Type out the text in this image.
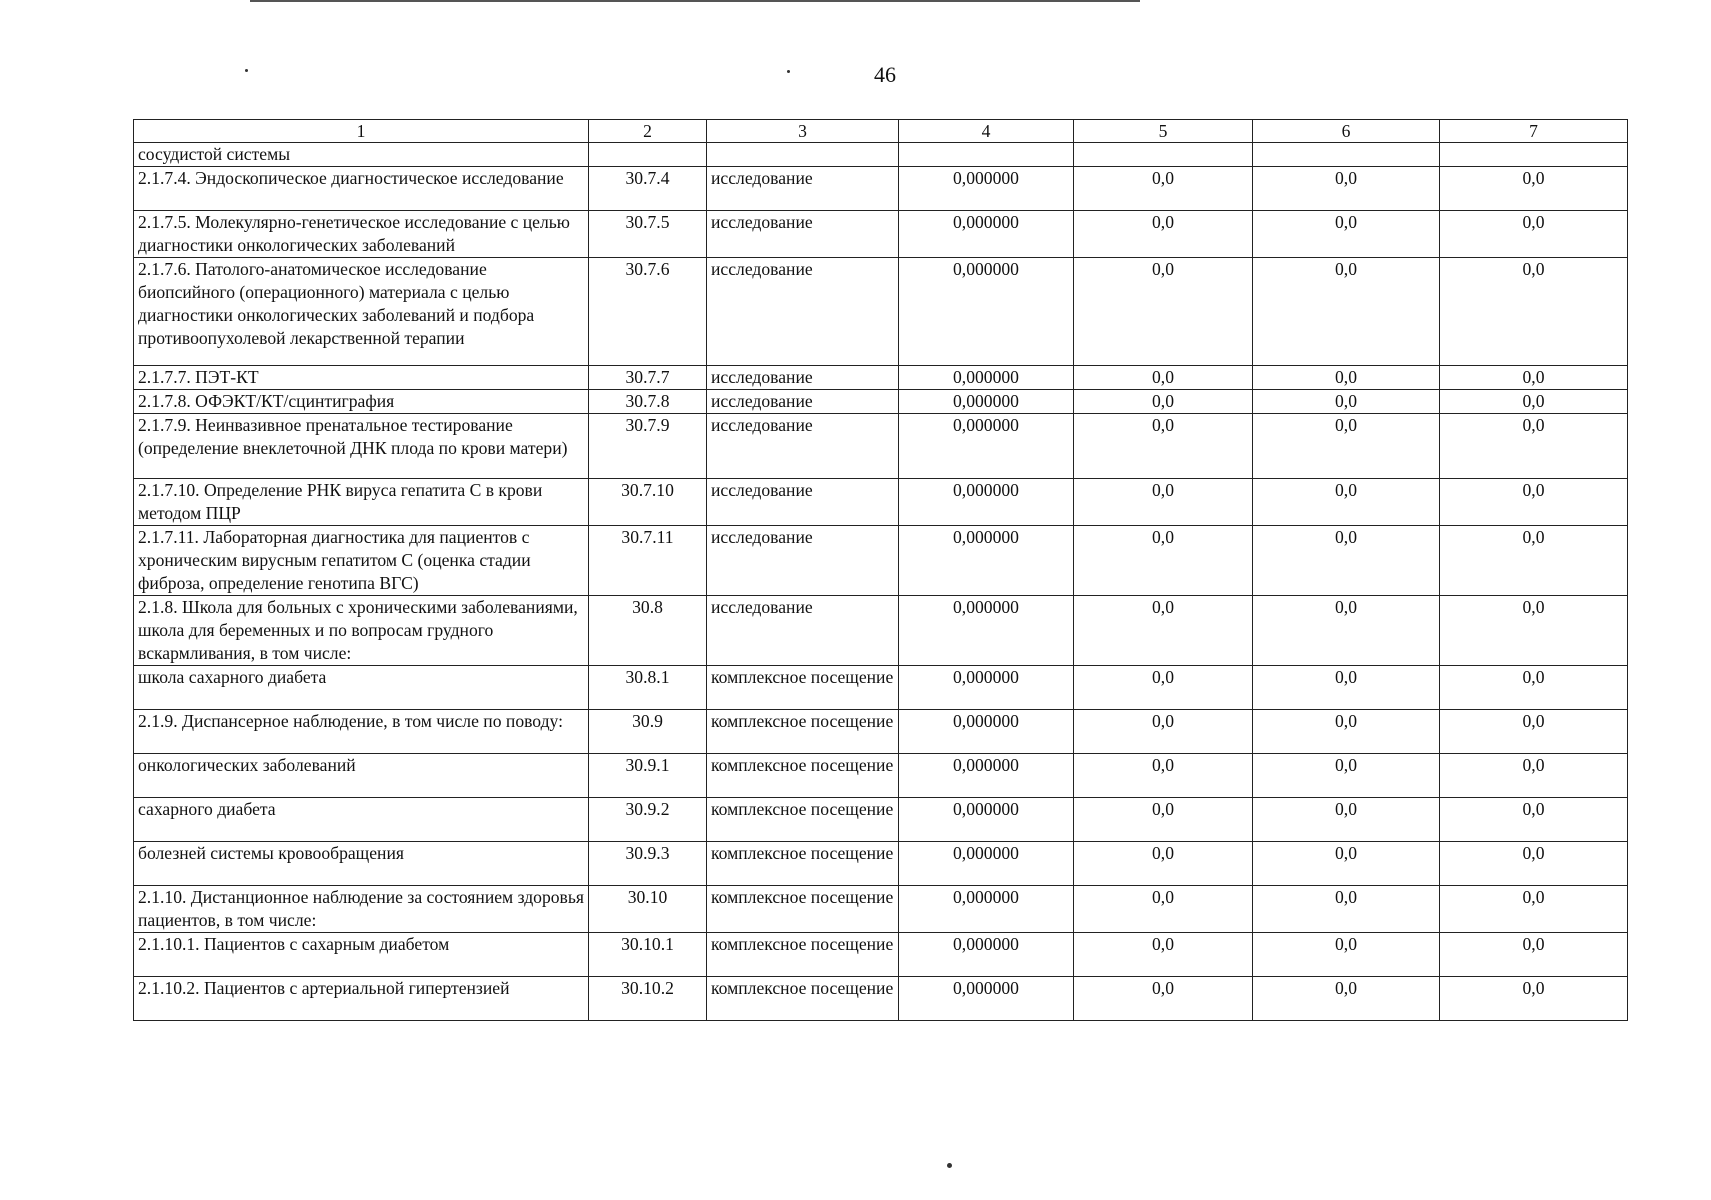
46
1	2	3	4	5	6	7
сосудистой системы						
2.1.7.4. Эндоскопическое диагностическое исследование	30.7.4	исследование	0,000000	0,0	0,0	0,0
2.1.7.5. Молекулярно-генетическое исследование с целью диагностики онкологических заболеваний	30.7.5	исследование	0,000000	0,0	0,0	0,0
2.1.7.6. Патолого-анатомическое исследование биопсийного (операционного) материала с целью диагностики онкологических заболеваний и подбора противоопухолевой лекарственной терапии	30.7.6	исследование	0,000000	0,0	0,0	0,0
2.1.7.7. ПЭТ-КТ	30.7.7	исследование	0,000000	0,0	0,0	0,0
2.1.7.8. ОФЭКТ/КТ/сцинтиграфия	30.7.8	исследование	0,000000	0,0	0,0	0,0
2.1.7.9. Неинвазивное пренатальное тестирование (определение внеклеточной ДНК плода по крови матери)	30.7.9	исследование	0,000000	0,0	0,0	0,0
2.1.7.10. Определение РНК вируса гепатита С в крови методом ПЦР	30.7.10	исследование	0,000000	0,0	0,0	0,0
2.1.7.11. Лабораторная диагностика для пациентов с хроническим вирусным гепатитом С (оценка стадии фиброза, определение генотипа ВГС)	30.7.11	исследование	0,000000	0,0	0,0	0,0
2.1.8. Школа для больных с хроническими заболеваниями, школа для беременных и по вопросам грудного вскармливания, в том числе:	30.8	исследование	0,000000	0,0	0,0	0,0
школа сахарного диабета	30.8.1	комплексное посещение	0,000000	0,0	0,0	0,0
2.1.9. Диспансерное наблюдение, в том числе по поводу:	30.9	комплексное посещение	0,000000	0,0	0,0	0,0
онкологических заболеваний	30.9.1	комплексное посещение	0,000000	0,0	0,0	0,0
сахарного диабета	30.9.2	комплексное посещение	0,000000	0,0	0,0	0,0
болезней системы кровообращения	30.9.3	комплексное посещение	0,000000	0,0	0,0	0,0
2.1.10. Дистанционное наблюдение за состоянием здоровья пациентов, в том числе:	30.10	комплексное посещение	0,000000	0,0	0,0	0,0
2.1.10.1. Пациентов с сахарным диабетом	30.10.1	комплексное посещение	0,000000	0,0	0,0	0,0
2.1.10.2. Пациентов с артериальной гипертензией	30.10.2	комплексное посещение	0,000000	0,0	0,0	0,0
